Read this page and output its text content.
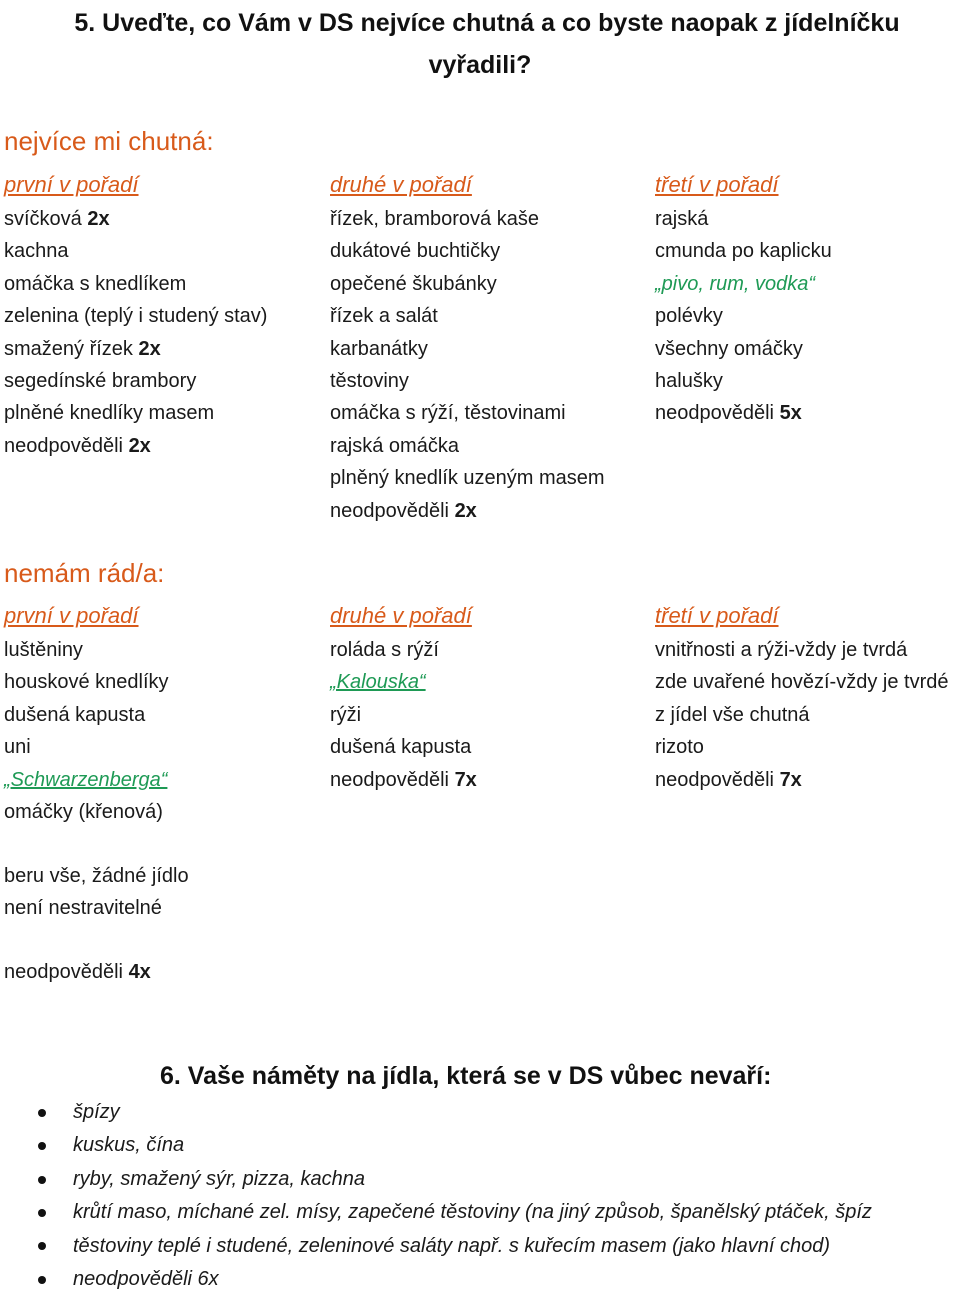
5. Uveďte, co Vám v DS nejvíce chutná a co byste naopak z jídelníčku
vyřadili?
nejvíce mi chutná:
první v pořadí
svíčková 2x
kachna
omáčka s knedlíkem
zelenina (teplý i studený stav)
smažený řízek 2x
segedínské brambory
plněné knedlíky masem
neodpověděli 2x
druhé v pořadí
řízek, bramborová kaše
dukátové buchtičky
opečené škubánky
řízek a salát
karbanátky
těstoviny
omáčka s rýží, těstovinami
rajská omáčka
plněný knedlík uzeným masem
neodpověděli 2x
třetí v pořadí
rajská
cmunda po kaplicku
„pivo, rum, vodka“
polévky
všechny omáčky
halušky
neodpověděli 5x
nemám rád/a:
první v pořadí
luštěniny
houskové knedlíky
dušená kapusta
uni
„Schwarzenberga“
omáčky (křenová)
druhé v pořadí
roláda s rýží
„Kalouska“
rýži
dušená kapusta
neodpověděli 7x
třetí v pořadí
vnitřnosti a rýži-vždy je tvrdá
zde uvařené hovězí-vždy je tvrdé
z jídel vše chutná
rizoto
neodpověděli 7x
beru vše, žádné jídlo
není nestravitelné
neodpověděli 4x
6. Vaše náměty na jídla, která se v DS vůbec nevaří:
špízy
kuskus, čína
ryby, smažený sýr, pizza, kachna
krůtí maso, míchané zel. mísy, zapečené těstoviny (na jiný způsob, španělský ptáček, špíz
těstoviny teplé i studené, zeleninové saláty např. s kuřecím masem (jako hlavní chod)
neodpověděli 6x
